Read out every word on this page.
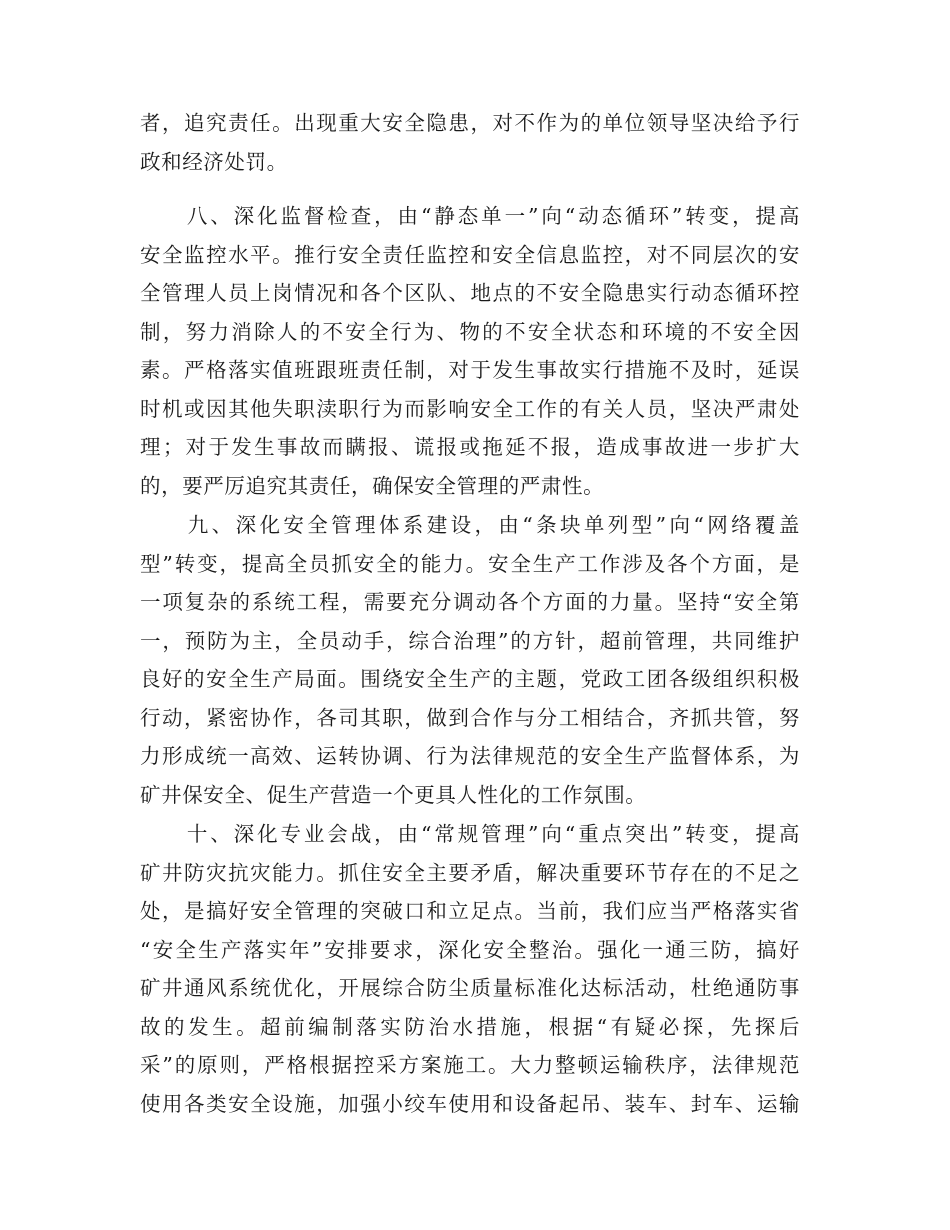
者，追究责任。出现重大安全隐患，对不作为的单位领导坚决给予行
政和经济处罚。
　　八、深化监督检查，由“静态单一”向“动态循环”转变，提高
安全监控水平。推行安全责任监控和安全信息监控，对不同层次的安
全管理人员上岗情况和各个区队、地点的不安全隐患实行动态循环控
制，努力消除人的不安全行为、物的不安全状态和环境的不安全因
素。严格落实值班跟班责任制，对于发生事故实行措施不及时，延误
时机或因其他失职渎职行为而影响安全工作的有关人员，坚决严肃处
理；对于发生事故而瞒报、谎报或拖延不报，造成事故进一步扩大
的，要严厉追究其责任，确保安全管理的严肃性。
　　九、深化安全管理体系建设，由“条块单列型”向“网络覆盖
型”转变，提高全员抓安全的能力。安全生产工作涉及各个方面，是
一项复杂的系统工程，需要充分调动各个方面的力量。坚持“安全第
一，预防为主，全员动手，综合治理”的方针，超前管理，共同维护
良好的安全生产局面。围绕安全生产的主题，党政工团各级组织积极
行动，紧密协作，各司其职，做到合作与分工相结合，齐抓共管，努
力形成统一高效、运转协调、行为法律规范的安全生产监督体系，为
矿井保安全、促生产营造一个更具人性化的工作氛围。
　　十、深化专业会战，由“常规管理”向“重点突出”转变，提高
矿井防灾抗灾能力。抓住安全主要矛盾，解决重要环节存在的不足之
处，是搞好安全管理的突破口和立足点。当前，我们应当严格落实省
“安全生产落实年”安排要求，深化安全整治。强化一通三防，搞好
矿井通风系统优化，开展综合防尘质量标准化达标活动，杜绝通防事
故的发生。超前编制落实防治水措施，根据“有疑必探，先探后
采”的原则，严格根据控采方案施工。大力整顿运输秩序，法律规范
使用各类安全设施，加强小绞车使用和设备起吊、装车、封车、运输
